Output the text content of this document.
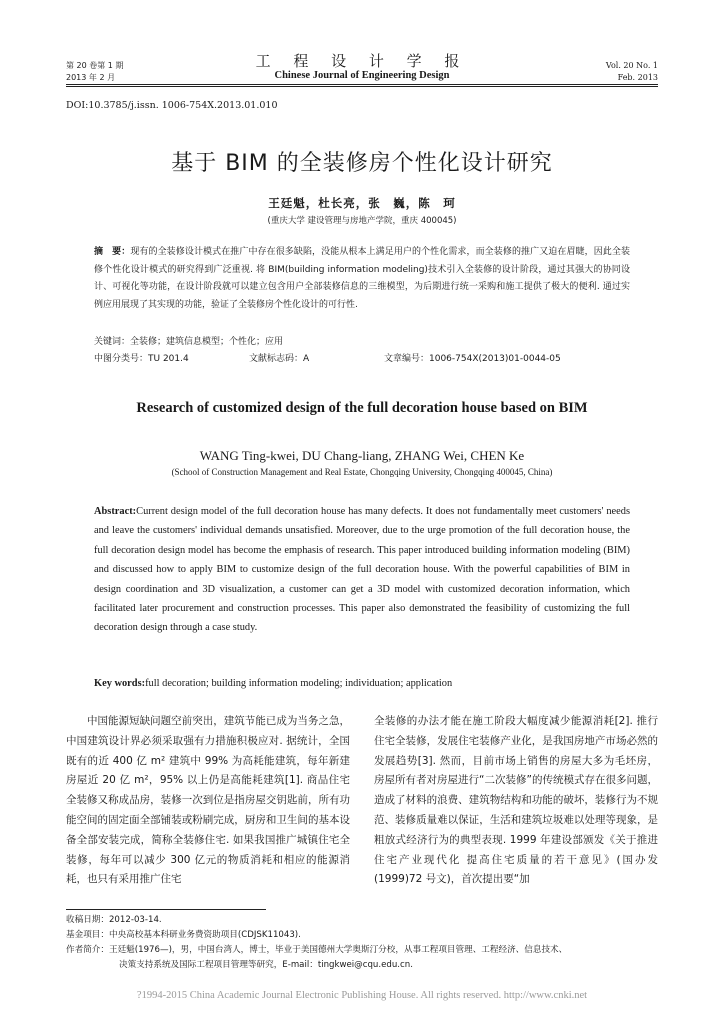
第 20 卷第 1 期
2013 年 2 月
工 程 设 计 学 报
Chinese Journal of Engineering Design
Vol. 20 No. 1
Feb. 2013
DOI:10.3785/j.issn. 1006-754X.2013.01.010
基于 BIM 的全装修房个性化设计研究
王廷魁，杜长亮，张　巍，陈　珂
(重庆大学 建设管理与房地产学院，重庆 400045)
摘　要：现有的全装修设计模式在推广中存在很多缺陷，没能从根本上满足用户的个性化需求，而全装修的推广又迫在眉睫，因此全装修个性化设计模式的研究得到广泛重视. 将 BIM(building information modeling)技术引入全装修的设计阶段，通过其强大的协同设计、可视化等功能，在设计阶段就可以建立包含用户全部装修信息的三维模型，为后期进行统一采购和施工提供了极大的便利. 通过实例应用展现了其实现的功能，验证了全装修房个性化设计的可行性.
关键词：全装修；建筑信息模型；个性化；应用
中图分类号：TU 201.4	文献标志码：A	文章编号：1006-754X(2013)01-0044-05
Research of customized design of the full decoration house based on BIM
WANG Ting-kwei, DU Chang-liang, ZHANG Wei, CHEN Ke
(School of Construction Management and Real Estate, Chongqing University, Chongqing 400045, China)
Abstract:Current design model of the full decoration house has many defects. It does not fundamentally meet customers' needs and leave the customers' individual demands unsatisfied. Moreover, due to the urge promotion of the full decoration house, the full decoration design model has become the emphasis of research. This paper introduced building information modeling (BIM) and discussed how to apply BIM to customize design of the full decoration house. With the powerful capabilities of BIM in design coordination and 3D visualization, a customer can get a 3D model with customized decoration information, which facilitated later procurement and construction processes. This paper also demonstrated the feasibility of customizing the full decoration design through a case study.
Key words:full decoration; building information modeling; individuation; application

中国能源短缺问题空前突出，建筑节能已成为当务之急，中国建筑设计界必须采取强有力措施积极应对. 据统计，全国既有的近 400 亿 m² 建筑中 99% 为高耗能建筑，每年新建房屋近 20 亿 m²，95% 以上仍是高能耗建筑[1]. 商品住宅全装修又称成品房，装修一次到位是指房屋交钥匙前，所有功能空间的固定面全部铺装或粉刷完成，厨房和卫生间的基本设备全部安装完成，简称全装修住宅. 如果我国推广城镇住宅全装修，每年可以减少 300 亿元的物质消耗和相应的能源消耗，也只有采用推广住宅

全装修的办法才能在施工阶段大幅度减少能源消耗[2]. 推行住宅全装修，发展住宅装修产业化，是我国房地产市场必然的发展趋势[3]. 然而，目前市场上销售的房屋大多为毛坯房，房屋所有者对房屋进行“二次装修”的传统模式存在很多问题，造成了材料的浪费、建筑物结构和功能的破坏，装修行为不规范、装修质量难以保证，生活和建筑垃圾难以处理等现象，是粗放式经济行为的典型表现. 1999 年建设部颁发《关于推进住宅产业现代化 提高住宅质量的若干意见》(国办发(1999)72 号文)，首次提出要“加

收稿日期：2012-03-14.
基金项目：中央高校基本科研业务费资助项目(CDJSK11043).
作者简介：王廷魁(1976—)，男，中国台湾人，博士，毕业于美国德州大学奥斯汀分校，从事工程项目管理、工程经济、信息技术、
决策支持系统及国际工程项目管理等研究，E-mail：tingkwei@cqu.edu.cn.
?1994-2015 China Academic Journal Electronic Publishing House. All rights reserved. http://www.cnki.net
